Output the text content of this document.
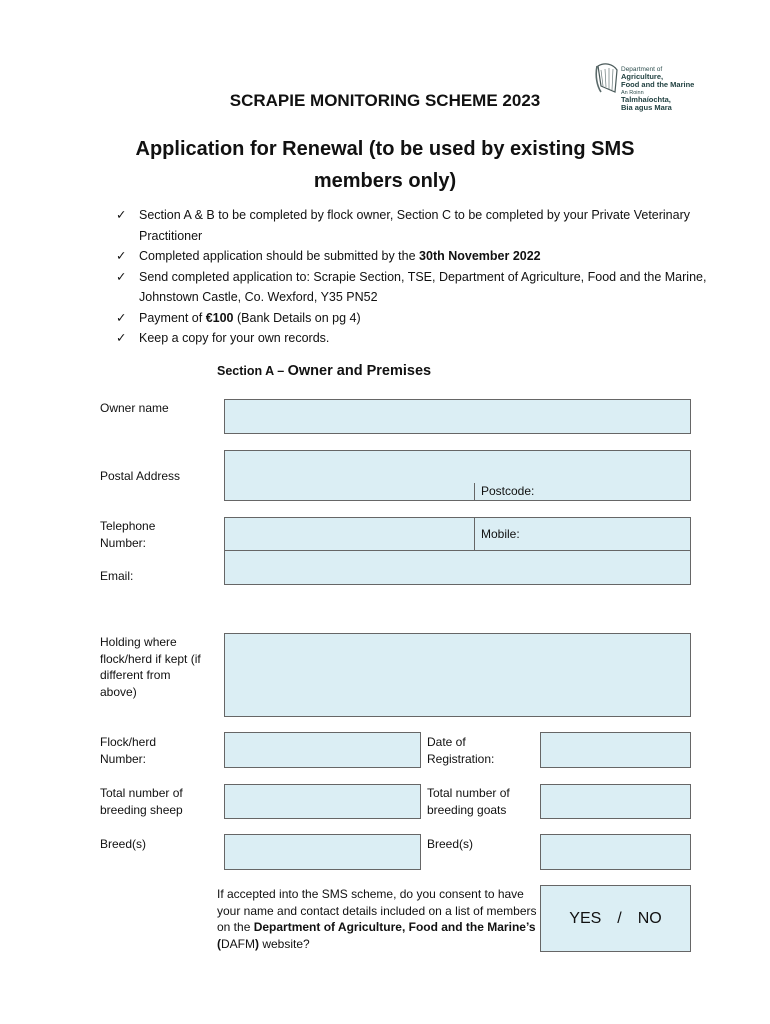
Department of
Agriculture,
Food and the Marine
An Roinn
Talmhaíochta,
Bia agus Mara
SCRAPIE MONITORING SCHEME 2023
Application for Renewal (to be used by existing SMS members only)
✓ Section A & B to be completed by flock owner, Section C to be completed by your Private Veterinary Practitioner
✓ Completed application should be submitted by the 30th November 2022
✓ Send completed application to: Scrapie Section, TSE, Department of Agriculture, Food and the Marine, Johnstown Castle, Co. Wexford, Y35 PN52
✓ Payment of €100 (Bank Details on pg 4)
✓ Keep a copy for your own records.
Section A – Owner and Premises
Owner name
Postal Address
Postcode:
Telephone
Number:
Mobile:
Email:
Holding where
flock/herd if kept (if
different from
above)
Flock/herd
Number:
Date of
Registration:
Total number of
breeding sheep
Total number of
breeding goats
Breed(s)	Breed(s)
If accepted into the SMS scheme, do you consent to have your name and contact details included on a list of members on the Department of Agriculture, Food and the Marine’s (DAFM) website?
YES / NO
